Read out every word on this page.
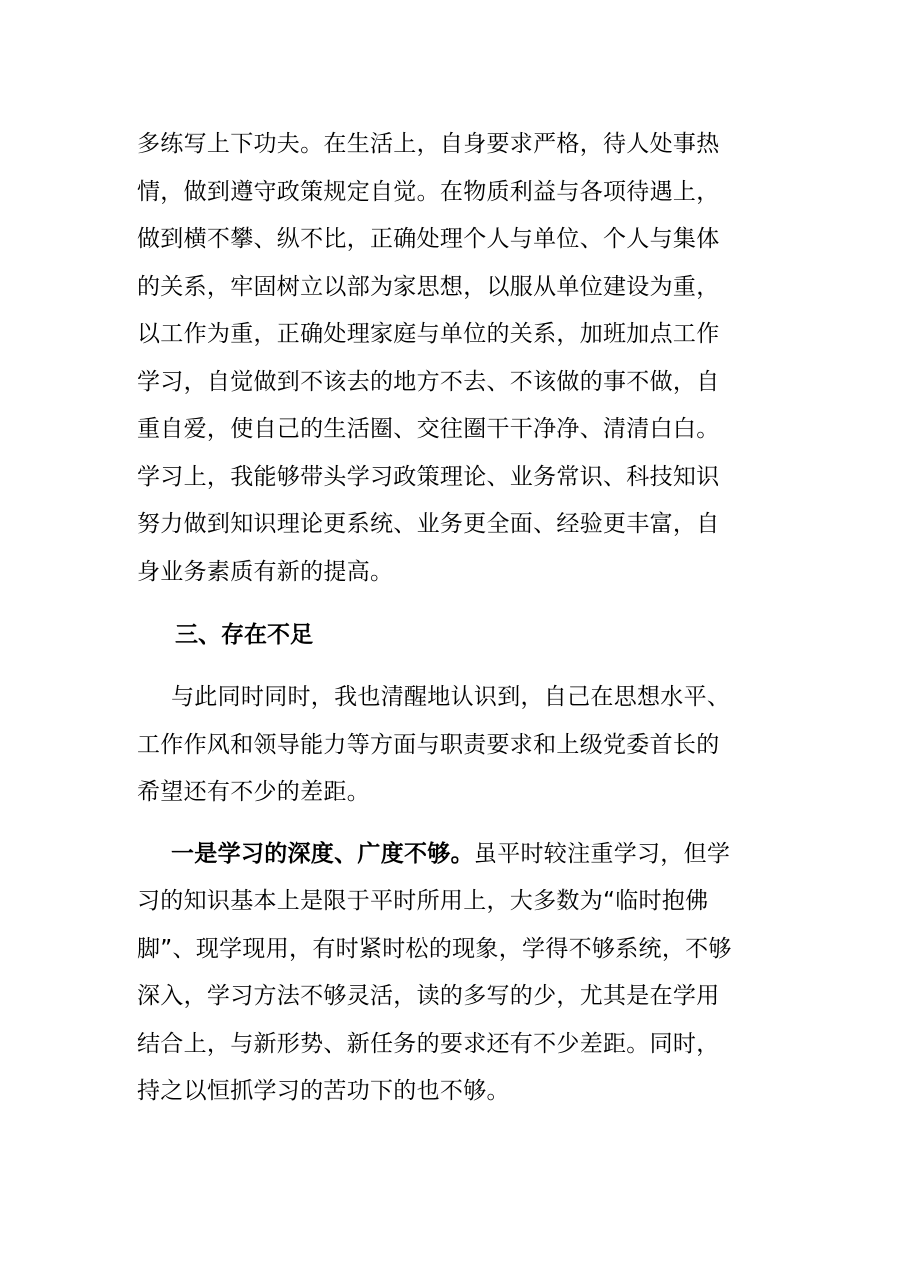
多练写上下功夫。在生活上，自身要求严格，待人处事热
情，做到遵守政策规定自觉。在物质利益与各项待遇上，
做到横不攀、纵不比，正确处理个人与单位、个人与集体
的关系，牢固树立以部为家思想，以服从单位建设为重，
以工作为重，正确处理家庭与单位的关系，加班加点工作
学习，自觉做到不该去的地方不去、不该做的事不做，自
重自爱，使自己的生活圈、交往圈干干净净、清清白白。
学习上，我能够带头学习政策理论、业务常识、科技知识
努力做到知识理论更系统、业务更全面、经验更丰富，自
身业务素质有新的提高。
三、存在不足
与此同时同时，我也清醒地认识到，自己在思想水平、
工作作风和领导能力等方面与职责要求和上级党委首长的
希望还有不少的差距。
一是学习的深度、广度不够。虽平时较注重学习，但学
习的知识基本上是限于平时所用上，大多数为“临时抱佛
脚”、现学现用，有时紧时松的现象，学得不够系统，不够
深入，学习方法不够灵活，读的多写的少，尤其是在学用
结合上，与新形势、新任务的要求还有不少差距。同时，
持之以恒抓学习的苦功下的也不够。
